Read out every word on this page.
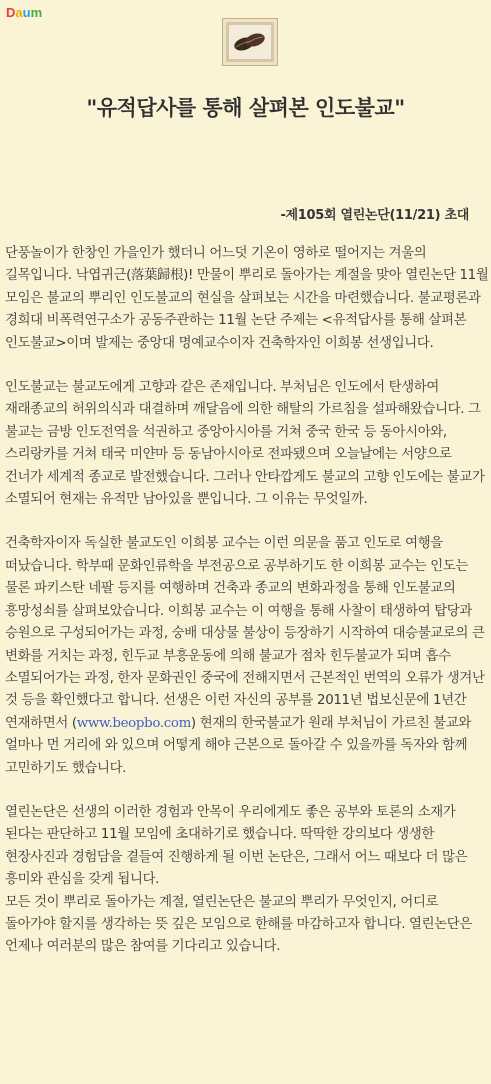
Daum
"유적답사를 통해 살펴본 인도불교"
-제105회 열린논단(11/21) 초대

단풍놀이가 한창인 가을인가 했더니 어느덧 기온이 영하로 떨어지는 겨울의 길목입니다. 낙엽귀근(落葉歸根)! 만물이 뿌리로 돌아가는 계절을 맞아 열린논단 11월 모임은 불교의 뿌리인 인도불교의 현실을 살펴보는 시간을 마련했습니다. 불교평론과 경희대 비폭력연구소가 공동주관하는 11월 논단 주제는 <유적답사를 통해 살펴본 인도불교>이며 발제는 중앙대 명예교수이자 건축학자인 이희봉 선생입니다.

인도불교는 불교도에게 고향과 같은 존재입니다. 부처님은 인도에서 탄생하여 재래종교의 허위의식과 대결하며 깨달음에 의한 해탈의 가르침을 설파해왔습니다. 그 불교는 금방 인도전역을 석권하고 중앙아시아를 거쳐 중국 한국 등 동아시아와, 스리랑카를 거쳐 태국 미얀마 등 동남아시아로 전파됐으며 오늘날에는 서양으로 건너가 세계적 종교로 발전했습니다. 그러나 안타깝게도 불교의 고향 인도에는 불교가 소멸되어 현재는 유적만 남아있을 뿐입니다. 그 이유는 무엇일까.

건축학자이자 독실한 불교도인 이희봉 교수는 이런 의문을 품고 인도로 여행을 떠났습니다. 학부때 문화인류학을 부전공으로 공부하기도 한 이희봉 교수는 인도는 물론 파키스탄 네팔 등지를 여행하며 건축과 종교의 변화과정을 통해 인도불교의 흥망성쇠를 살펴보았습니다. 이희봉 교수는 이 여행을 통해 사찰이 태생하여 탑당과 승원으로 구성되어가는 과정, 숭배 대상물 불상이 등장하기 시작하여 대승불교로의 큰 변화를 거치는 과정, 힌두교 부흥운동에 의해 불교가 점차 힌두불교가 되며 흡수 소멸되어가는 과정, 한자 문화권인 중국에 전해지면서 근본적인 번역의 오류가 생겨난 것 등을 확인했다고 합니다. 선생은 이런 자신의 공부를 2011년 법보신문에 1년간 연재하면서 (www.beopbo.com) 현재의 한국불교가 원래 부처님이 가르친 불교와 얼마나 먼 거리에 와 있으며 어떻게 해야 근본으로 돌아갈 수 있을까를 독자와 함께 고민하기도 했습니다.

열린논단은 선생의 이러한 경험과 안목이 우리에게도 좋은 공부와 토론의 소재가 된다는 판단하고 11월 모임에 초대하기로 했습니다. 딱딱한 강의보다 생생한 현장사진과 경험담을 곁들여 진행하게 될 이번 논단은, 그래서 어느 때보다 더 많은 흥미와 관심을 갖게 됩니다.

모든 것이 뿌리로 돌아가는 계절, 열린논단은 불교의 뿌리가 무엇인지, 어디로 돌아가야 할지를 생각하는 뜻 깊은 모임으로 한해를 마감하고자 합니다. 열린논단은 언제나 여러분의 많은 참여를 기다리고 있습니다.
